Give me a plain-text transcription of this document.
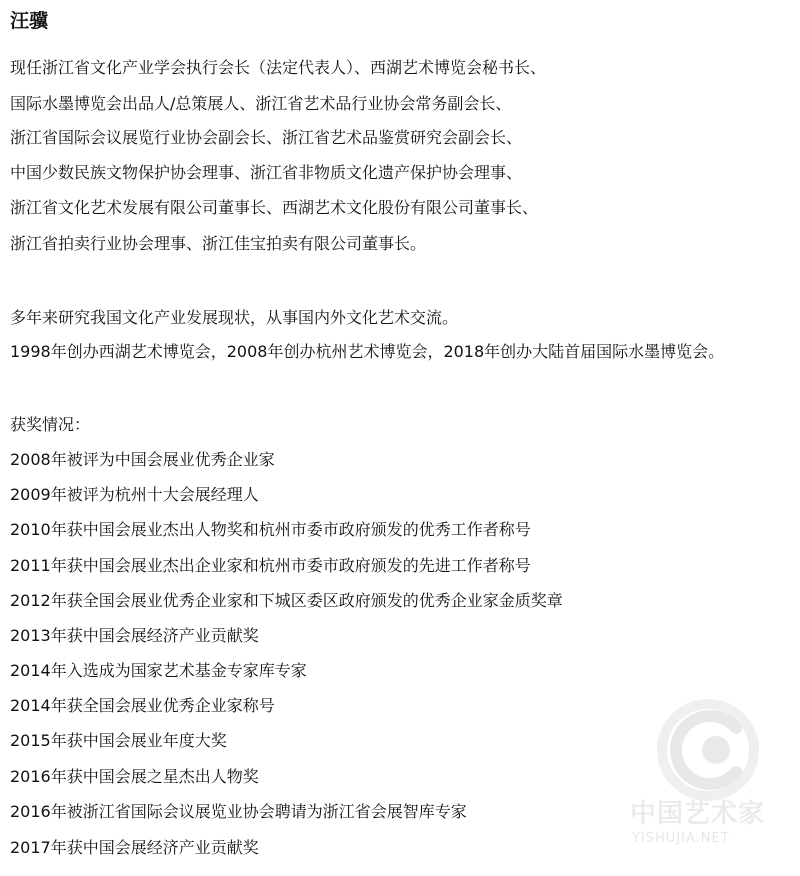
汪骥
现任浙江省文化产业学会执行会长（法定代表人）、西湖艺术博览会秘书长、
国际水墨博览会出品人/总策展人、浙江省艺术品行业协会常务副会长、
浙江省国际会议展览行业协会副会长、浙江省艺术品鉴赏研究会副会长、
中国少数民族文物保护协会理事、浙江省非物质文化遗产保护协会理事、
浙江省文化艺术发展有限公司董事长、西湖艺术文化股份有限公司董事长、
浙江省拍卖行业协会理事、浙江佳宝拍卖有限公司董事长。
多年来研究我国文化产业发展现状，从事国内外文化艺术交流。
1998年创办西湖艺术博览会，2008年创办杭州艺术博览会，2018年创办大陆首届国际水墨博览会。
获奖情况：
2008年被评为中国会展业优秀企业家
2009年被评为杭州十大会展经理人
2010年获中国会展业杰出人物奖和杭州市委市政府颁发的优秀工作者称号
2011年获中国会展业杰出企业家和杭州市委市政府颁发的先进工作者称号
2012年获全国会展业优秀企业家和下城区委区政府颁发的优秀企业家金质奖章
2013年获中国会展经济产业贡献奖
2014年入选成为国家艺术基金专家库专家
2014年获全国会展业优秀企业家称号
2015年获中国会展业年度大奖
2016年获中国会展之星杰出人物奖
2016年被浙江省国际会议展览业协会聘请为浙江省会展智库专家
2017年获中国会展经济产业贡献奖
中国艺术家
YISHUJIA.NET
